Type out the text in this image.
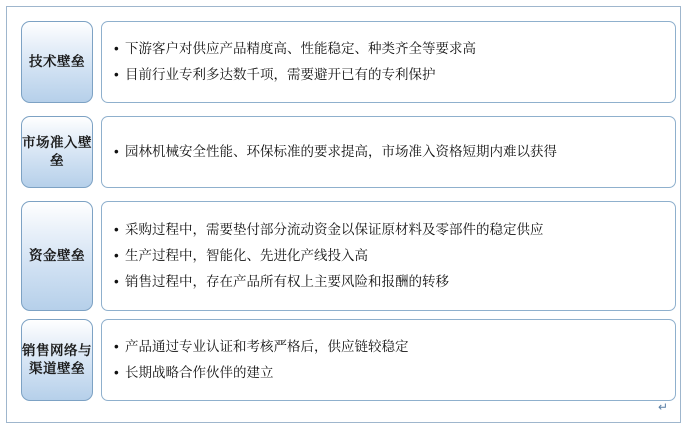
技术壁垒
• 下游客户对供应产品精度高、性能稳定、种类齐全等要求高
• 目前行业专利多达数千项，需要避开已有的专利保护
市场准入壁垒
• 园林机械安全性能、环保标准的要求提高，市场准入资格短期内难以获得
资金壁垒
• 采购过程中，需要垫付部分流动资金以保证原材料及零部件的稳定供应
• 生产过程中，智能化、先进化产线投入高
• 销售过程中，存在产品所有权上主要风险和报酬的转移
销售网络与渠道壁垒
• 产品通过专业认证和考核严格后，供应链较稳定
• 长期战略合作伙伴的建立
↵
